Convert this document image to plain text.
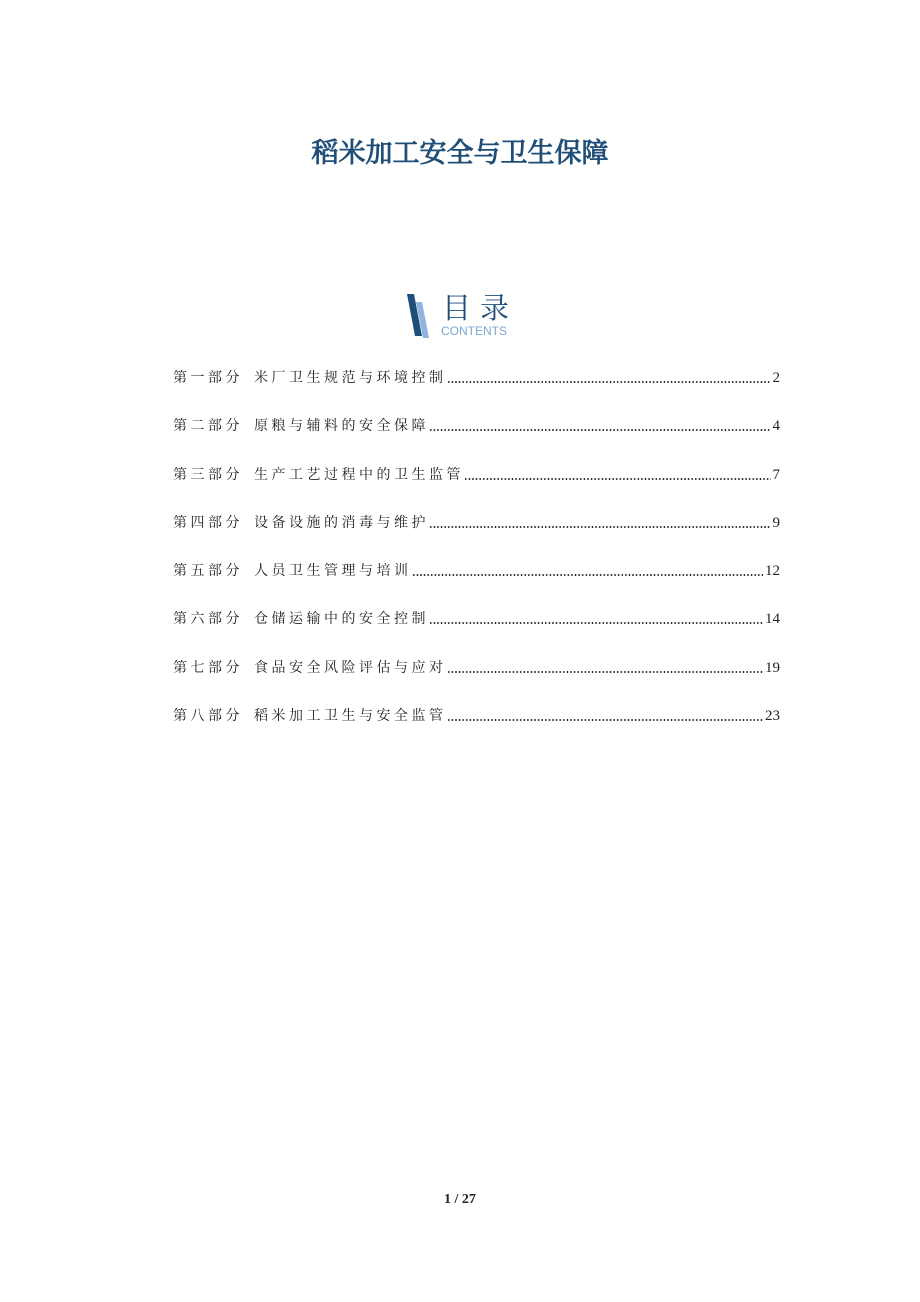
稻米加工安全与卫生保障
目录
CONTENTS
第一部分 米厂卫生规范与环境控制	2
第二部分 原粮与辅料的安全保障	4
第三部分 生产工艺过程中的卫生监管	7
第四部分 设备设施的消毒与维护	9
第五部分 人员卫生管理与培训	12
第六部分 仓储运输中的安全控制	14
第七部分 食品安全风险评估与应对	19
第八部分 稻米加工卫生与安全监管	23
1 / 27
